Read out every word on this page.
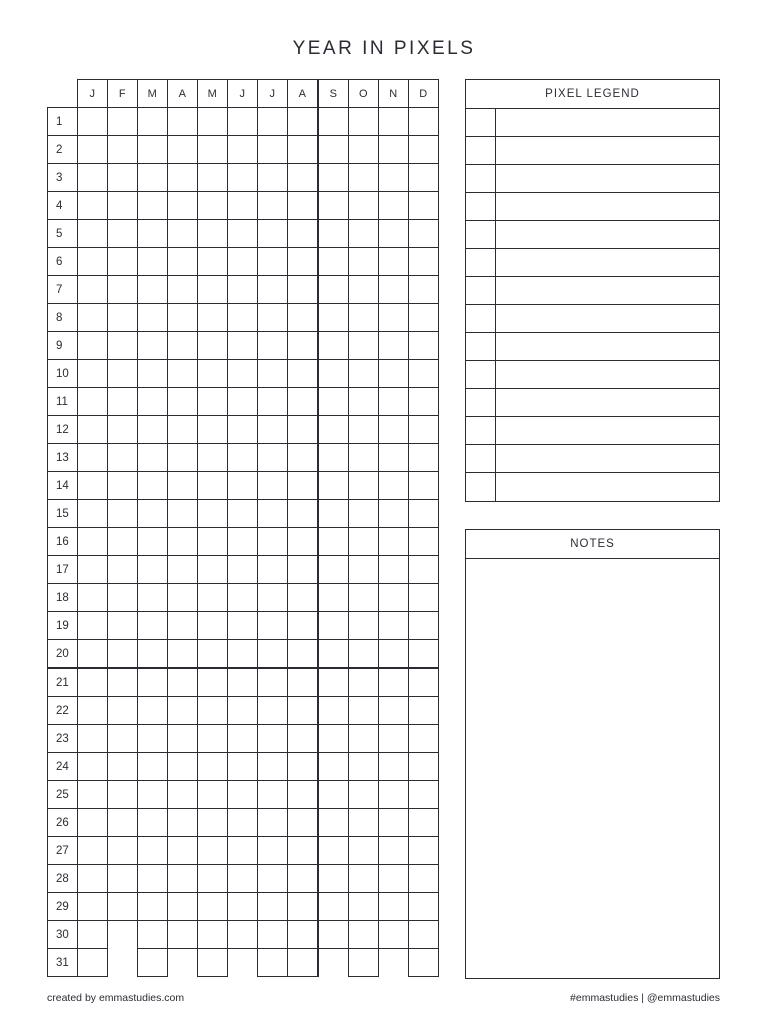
YEAR IN PIXELS
	J	F	M	A	M	J	J	A	S	O	N	D
1												
2												
3												
4												
5												
6												
7												
8												
9												
10												
11												
12												
13												
14												
15												
16												
17												
18												
19												
20												
21												
22												
23												
24												
25												
26												
27												
28												
29												
30												
31												
PIXEL LEGEND
NOTES
created by emmastudies.com	#emmastudies | @emmastudies
